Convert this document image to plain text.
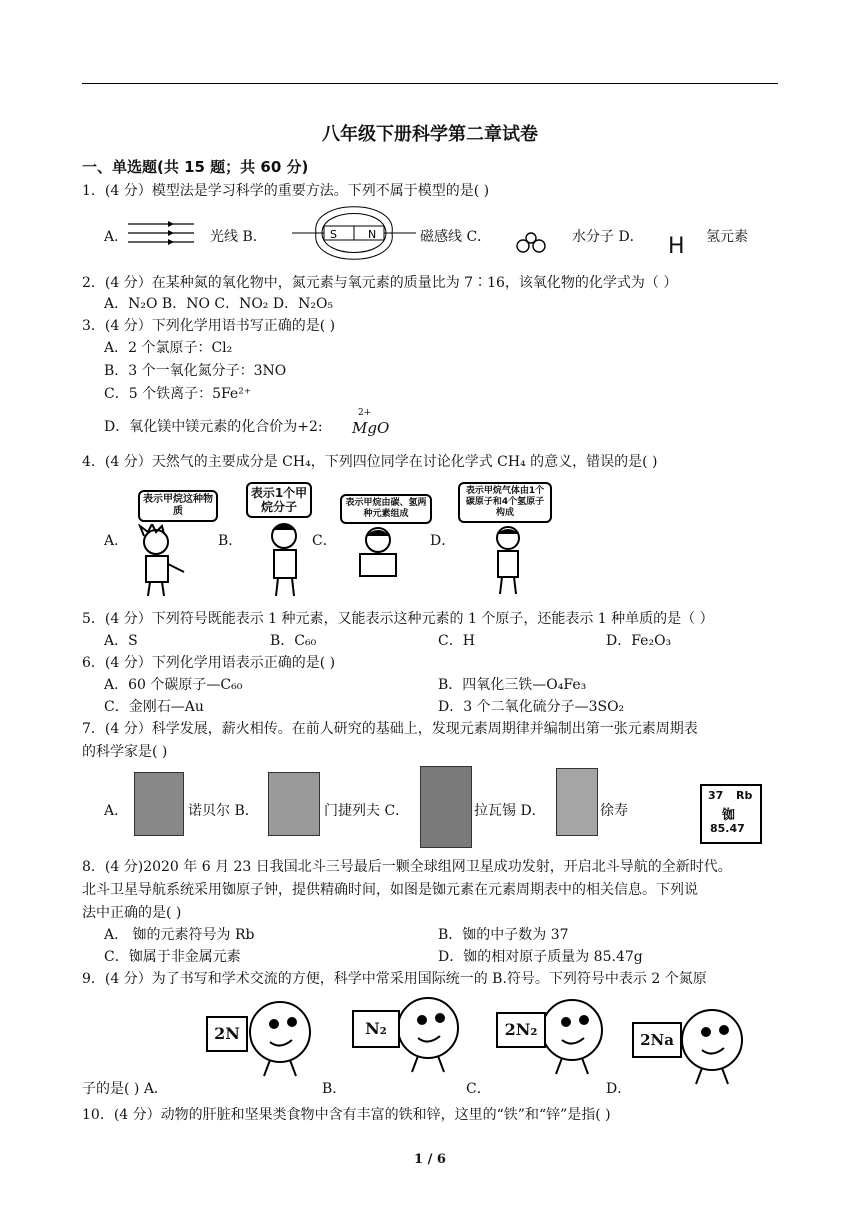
八年级下册科学第二章试卷
一、单选题(共 15 题；共 60 分)
1．(4 分）模型法是学习科学的重要方法。下列不属于模型的是( )
A．	光线 B．	S	N	磁感线 C．	水分子 D． H 氢元素
2．(4 分）在某种氮的氧化物中，氮元素与氧元素的质量比为 7∶16，该氧化物的化学式为（ ）
A．N₂O B．NO C．NO₂ D．N₂O₅
3．(4 分）下列化学用语书写正确的是( )
A．2 个氯原子：Cl₂
B．3 个一氧化氮分子：3NO
C．5 个铁离子：5Fe²⁺
D．氧化镁中镁元素的化合价为+2:
2+
MgO
4．(4 分）天然气的主要成分是 CH₄，下列四位同学在讨论化学式 CH₄ 的意义，错误的是( )
A．
表示甲烷这种物质
B．
表示1个甲烷分子
C．
表示甲烷由碳、氢两种元素组成
D．
表示甲烷气体由1个碳原子和4个氢原子构成
5．(4 分）下列符号既能表示 1 种元素，又能表示这种元素的 1 个原子，还能表示 1 种单质的是（ ）
A．S	B．C₆₀	C．H	D．Fe₂O₃
6．(4 分）下列化学用语表示正确的是( )
A．60 个碳原子—C₆₀	B．四氧化三铁—O₄Fe₃
C．金刚石—Au	D．3 个二氧化硫分子—3SO₂
7．(4 分）科学发展，薪火相传。在前人研究的基础上，发现元素周期律并编制出第一张元素周期表
的科学家是( )
A．	诺贝尔 B．	门捷列夫 C．	拉瓦锡 D．	徐寿
37 Rb
铷
85.47
8．(4 分)2020 年 6 月 23 日我国北斗三号最后一颗全球组网卫星成功发射，开启北斗导航的全新时代。
北斗卫星导航系统采用铷原子钟，提供精确时间，如图是铷元素在元素周期表中的相关信息。下列说
法中正确的是( )
A． 铷的元素符号为 Rb	B．铷的中子数为 37
C．铷属于非金属元素	D．铷的相对原子质量为 85.47g
9．(4 分）为了书写和学术交流的方便，科学中常采用国际统一的 B.符号。下列符号中表示 2 个氮原
2N	N₂	2N₂
2Na
子的是( ) A．	B．	C．	D．
10．(4 分）动物的肝脏和坚果类食物中含有丰富的铁和锌，这里的“铁”和“锌”是指( )
1 / 6
